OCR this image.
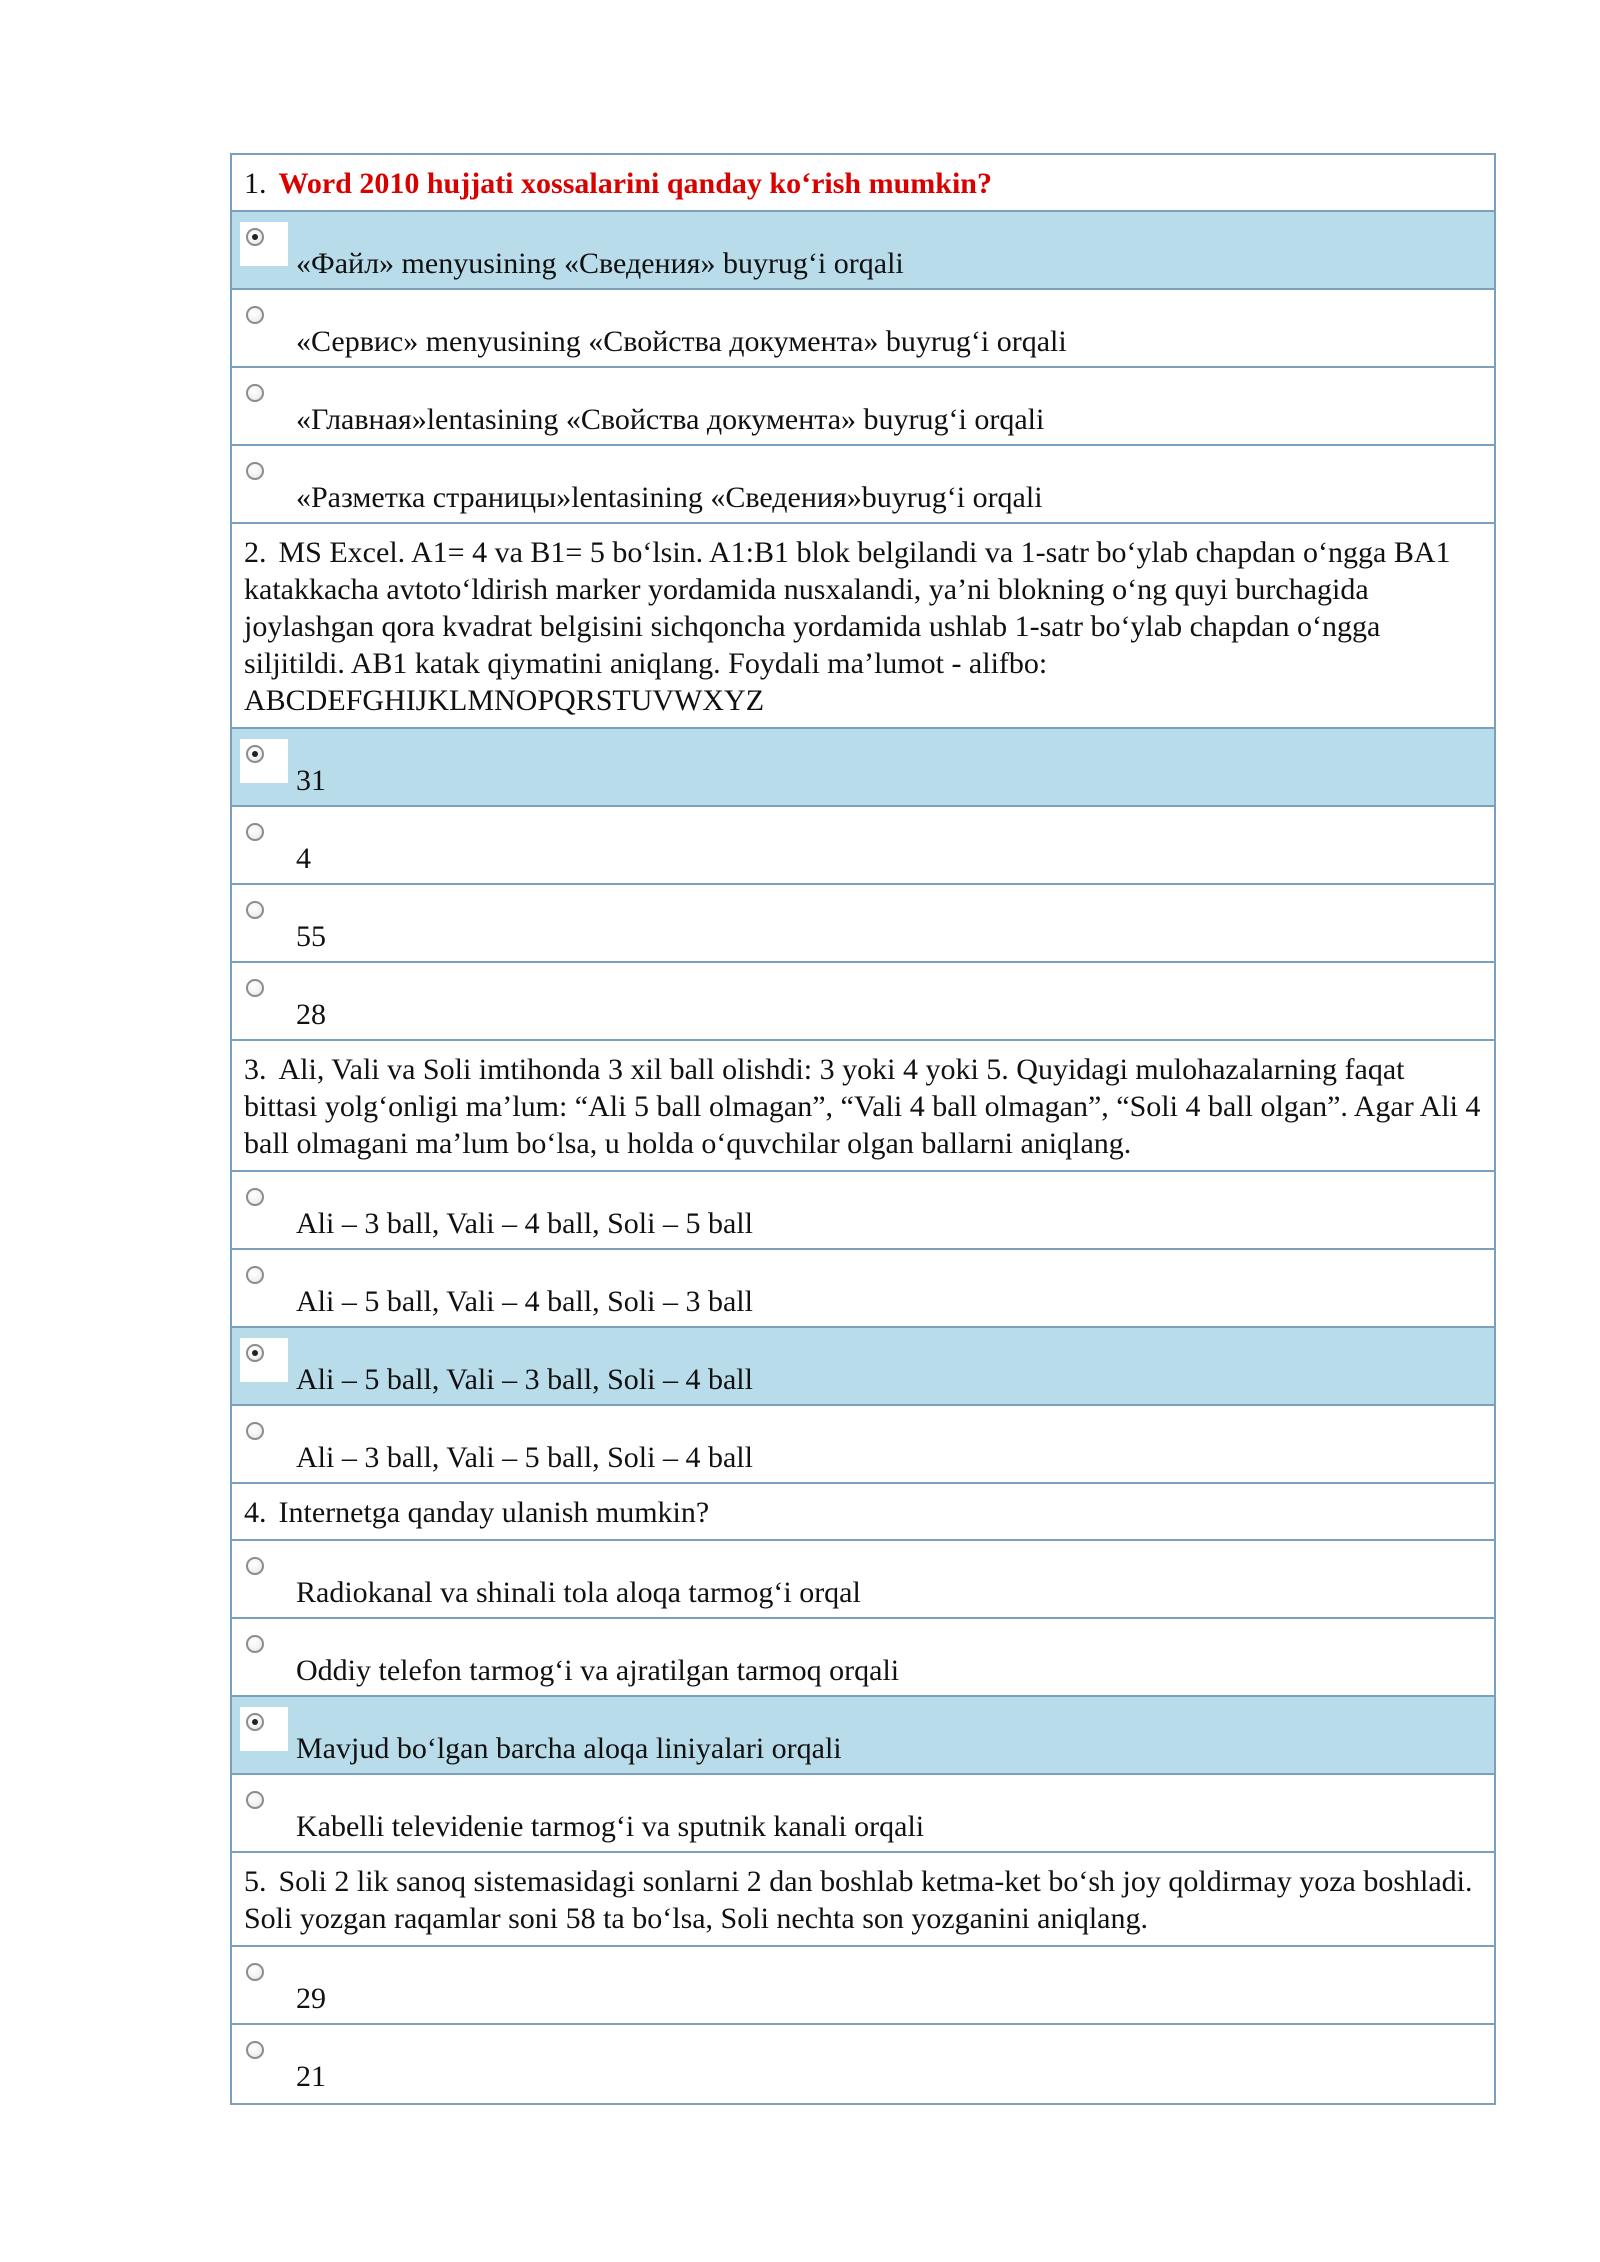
1. Word 2010 hujjati xossalarini qanday ko‘rish mumkin?
«Файл» menyusining «Сведения» buyrug‘i orqali
«Сервис» menyusining «Свойства документа» buyrug‘i orqali
«Главная»lentasining «Свойства документа» buyrug‘i orqali
«Разметка страницы»lentasining «Сведения»buyrug‘i orqali
2. MS Excel. A1= 4 va B1= 5 bo‘lsin. A1:B1 blok belgilandi va 1-satr bo‘ylab chapdan o‘ngga BA1 katakkacha avtoto‘ldirish marker yordamida nusxalandi, ya’ni blokning o‘ng quyi burchagida joylashgan qora kvadrat belgisini sichqoncha yordamida ushlab 1-satr bo‘ylab chapdan o‘ngga siljitildi. AB1 katak qiymatini aniqlang. Foydali ma’lumot - alifbo: ABCDEFGHIJKLMNOPQRSTUVWXYZ
31
4
55
28
3. Ali, Vali va Soli imtihonda 3 xil ball olishdi: 3 yoki 4 yoki 5. Quyidagi mulohazalarning faqat bittasi yolg‘onligi ma’lum: “Ali 5 ball olmagan”, “Vali 4 ball olmagan”, “Soli 4 ball olgan”. Agar Ali 4 ball olmagani ma’lum bo‘lsa, u holda o‘quvchilar olgan ballarni aniqlang.
Ali – 3 ball, Vali – 4 ball, Soli – 5 ball
Ali – 5 ball, Vali – 4 ball, Soli – 3 ball
Ali – 5 ball, Vali – 3 ball, Soli – 4 ball
Ali – 3 ball, Vali – 5 ball, Soli – 4 ball
4. Internetga qanday ulanish mumkin?
Radiokanal va shinali tola aloqa tarmog‘i orqal
Oddiy telefon tarmog‘i va ajratilgan tarmoq orqali
Mavjud bo‘lgan barcha aloqa liniyalari orqali
Kabelli televidenie tarmog‘i va sputnik kanali orqali
5. Soli 2 lik sanoq sistemasidagi sonlarni 2 dan boshlab ketma-ket bo‘sh joy qoldirmay yoza boshladi. Soli yozgan raqamlar soni 58 ta bo‘lsa, Soli nechta son yozganini aniqlang.
29
21
